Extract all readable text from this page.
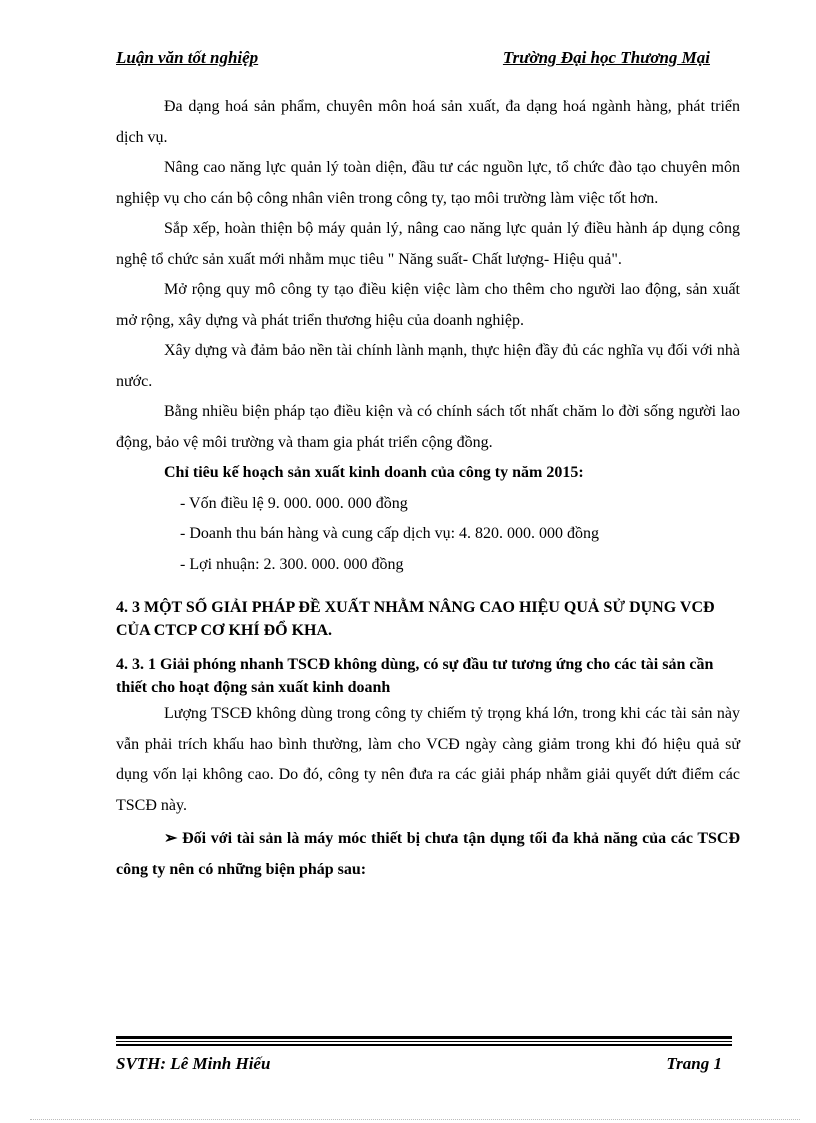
Luận văn tốt nghiệp	Trường Đại học Thương Mại

Đa dạng hoá sản phẩm, chuyên môn hoá sản xuất, đa dạng hoá ngành hàng, phát triển dịch vụ.

Nâng cao năng lực quản lý toàn diện, đầu tư các nguồn lực, tổ chức đào tạo chuyên môn nghiệp vụ cho cán bộ công nhân viên trong công ty, tạo môi trường làm việc tốt hơn.

Sắp xếp, hoàn thiện bộ máy quản lý, nâng cao năng lực quản lý điều hành áp dụng công nghệ tổ chức sản xuất mới nhằm mục tiêu " Năng suất- Chất lượng- Hiệu quả".

Mở rộng quy mô công ty tạo điều kiện việc làm cho thêm cho người lao động, sản xuất mở rộng, xây dựng và phát triển thương hiệu của doanh nghiệp.

Xây dựng và đảm bảo nền tài chính lành mạnh, thực hiện đầy đủ các nghĩa vụ đối với nhà nước.

Bằng nhiều biện pháp tạo điều kiện và có chính sách tốt nhất chăm lo đời sống người lao động, bảo vệ môi trường và tham gia phát triển cộng đồng.

Chỉ tiêu kế hoạch sản xuất kinh doanh của công ty năm 2015:
- Vốn điều lệ 9. 000. 000. 000 đồng
- Doanh thu bán hàng và cung cấp dịch vụ: 4. 820. 000. 000 đồng
- Lợi nhuận: 2. 300. 000. 000 đồng
4. 3 MỘT SỐ GIẢI PHÁP ĐỀ XUẤT NHẰM NÂNG CAO HIỆU QUẢ SỬ DỤNG VCĐ CỦA CTCP CƠ KHÍ ĐỔ KHA.
4. 3. 1 Giải phóng nhanh TSCĐ không dùng, có sự đầu tư tương ứng cho các tài sản cần thiết cho hoạt động sản xuất kinh doanh

Lượng TSCĐ không dùng trong công ty chiếm tỷ trọng khá lớn, trong khi các tài sản này vẫn phải trích khấu hao bình thường, làm cho VCĐ ngày càng giảm trong khi đó hiệu quả sử dụng vốn lại không cao. Do đó, công ty nên đưa ra các giải pháp nhằm giải quyết dứt điểm các TSCĐ này.

➢ Đối với tài sản là máy móc thiết bị chưa tận dụng tối đa khả năng của các TSCĐ công ty nên có những biện pháp sau:
SVTH: Lê Minh Hiếu	Trang 1
